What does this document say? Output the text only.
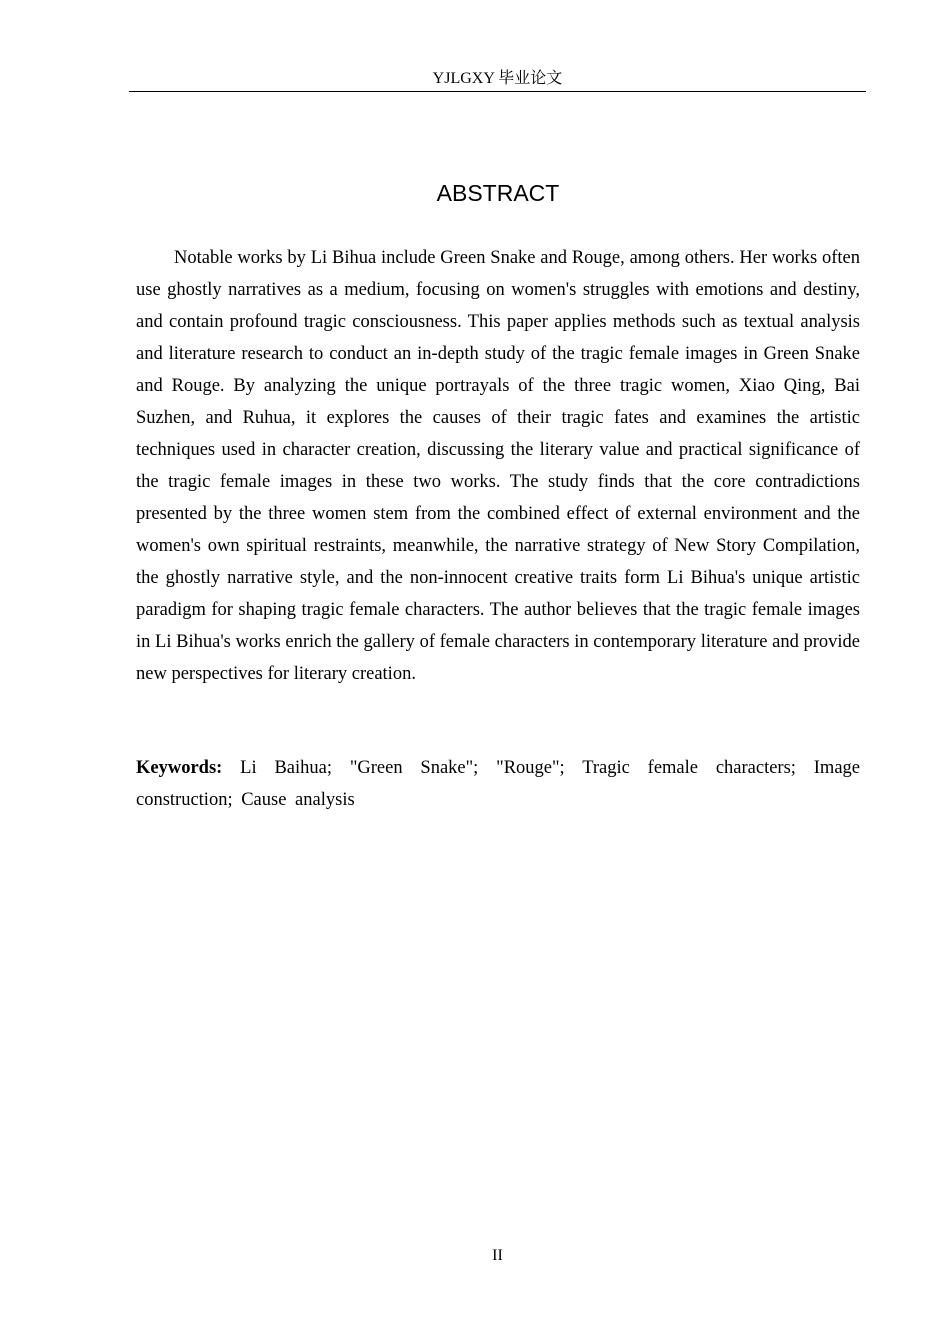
YJLGXY 毕业论文
ABSTRACT

Notable works by Li Bihua include Green Snake and Rouge, among others. Her works often use ghostly narratives as a medium, focusing on women's struggles with emotions and destiny, and contain profound tragic consciousness. This paper applies methods such as textual analysis and literature research to conduct an in-depth study of the tragic female images in Green Snake and Rouge. By analyzing the unique portrayals of the three tragic women, Xiao Qing, Bai Suzhen, and Ruhua, it explores the causes of their tragic fates and examines the artistic techniques used in character creation, discussing the literary value and practical significance of the tragic female images in these two works. The study finds that the core contradictions presented by the three women stem from the combined effect of external environment and the women's own spiritual restraints, meanwhile, the narrative strategy of New Story Compilation, the ghostly narrative style, and the non-innocent creative traits form Li Bihua's unique artistic paradigm for shaping tragic female characters. The author believes that the tragic female images in Li Bihua's works enrich the gallery of female characters in contemporary literature and provide new perspectives for literary creation.

Keywords: Li Baihua; "Green Snake"; "Rouge"; Tragic female characters; Image construction; Cause analysis

II
